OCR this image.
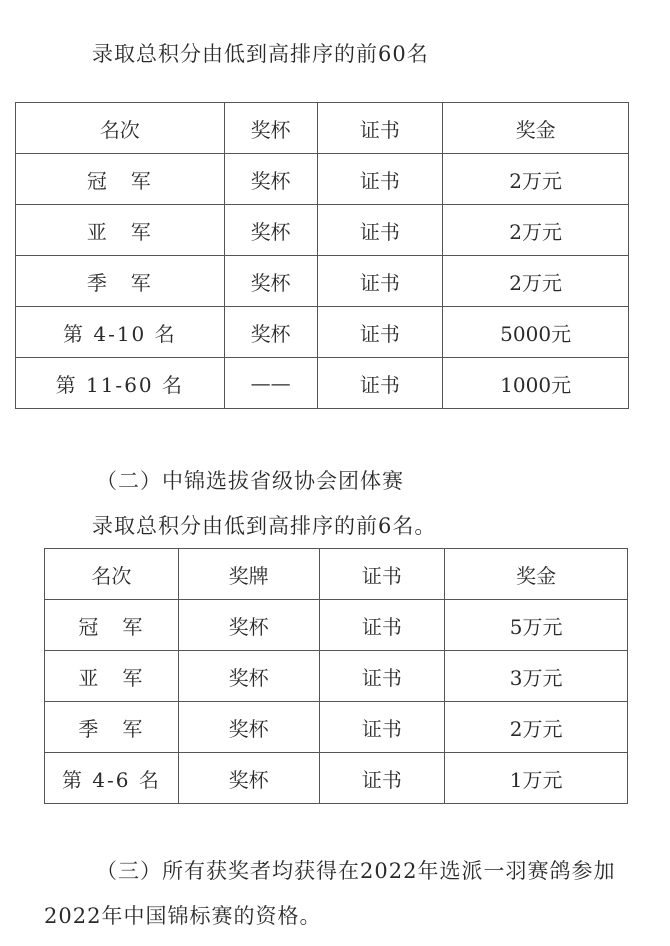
录取总积分由低到高排序的前60名
名次	奖杯	证书	奖金
冠　军	奖杯	证书	2万元
亚　军	奖杯	证书	2万元
季　军	奖杯	证书	2万元
第 4-10 名	奖杯	证书	5000元
第 11-60 名	——	证书	1000元
（二）中锦选拔省级协会团体赛
录取总积分由低到高排序的前6名。
名次	奖牌	证书	奖金
冠　军	奖杯	证书	5万元
亚　军	奖杯	证书	3万元
季　军	奖杯	证书	2万元
第 4-6 名	奖杯	证书	1万元
（三）所有获奖者均获得在2022年选派一羽赛鸽参加
2022年中国锦标赛的资格。
